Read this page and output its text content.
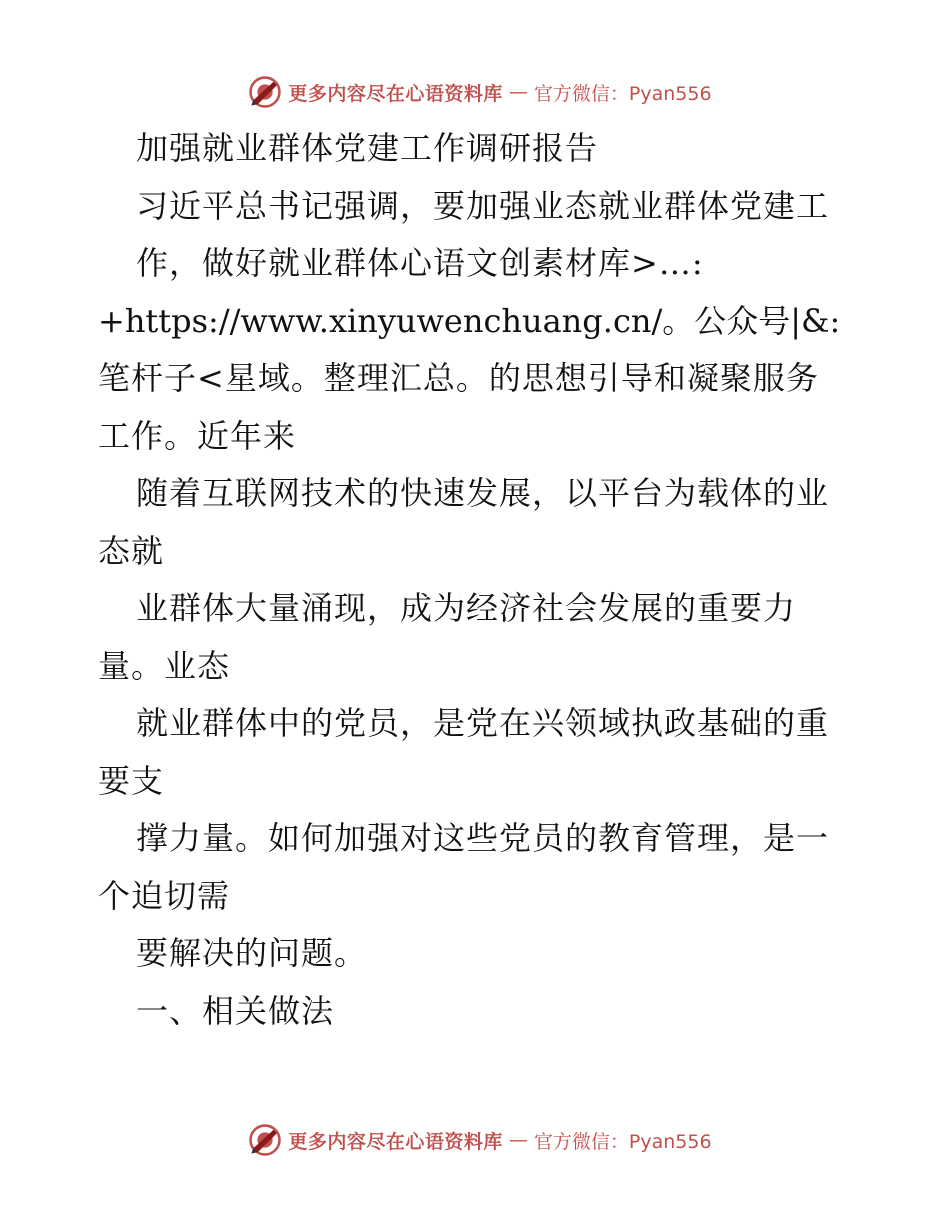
更多内容尽在心语资料库 — 官方微信：Pyan556
加强就业群体党建工作调研报告
习近平总书记强调，要加强业态就业群体党建工
作，做好就业群体心语文创素材库>…:
+https://www.xinyuwenchuang.cn/。公众号|&:
笔杆子<星域。整理汇总。的思想引导和凝聚服务
工作。近年来
随着互联网技术的快速发展，以平台为载体的业
态就
业群体大量涌现，成为经济社会发展的重要力
量。业态
就业群体中的党员，是党在兴领域执政基础的重
要支
撑力量。如何加强对这些党员的教育管理，是一
个迫切需
要解决的问题。
一、相关做法
更多内容尽在心语资料库 — 官方微信：Pyan556
